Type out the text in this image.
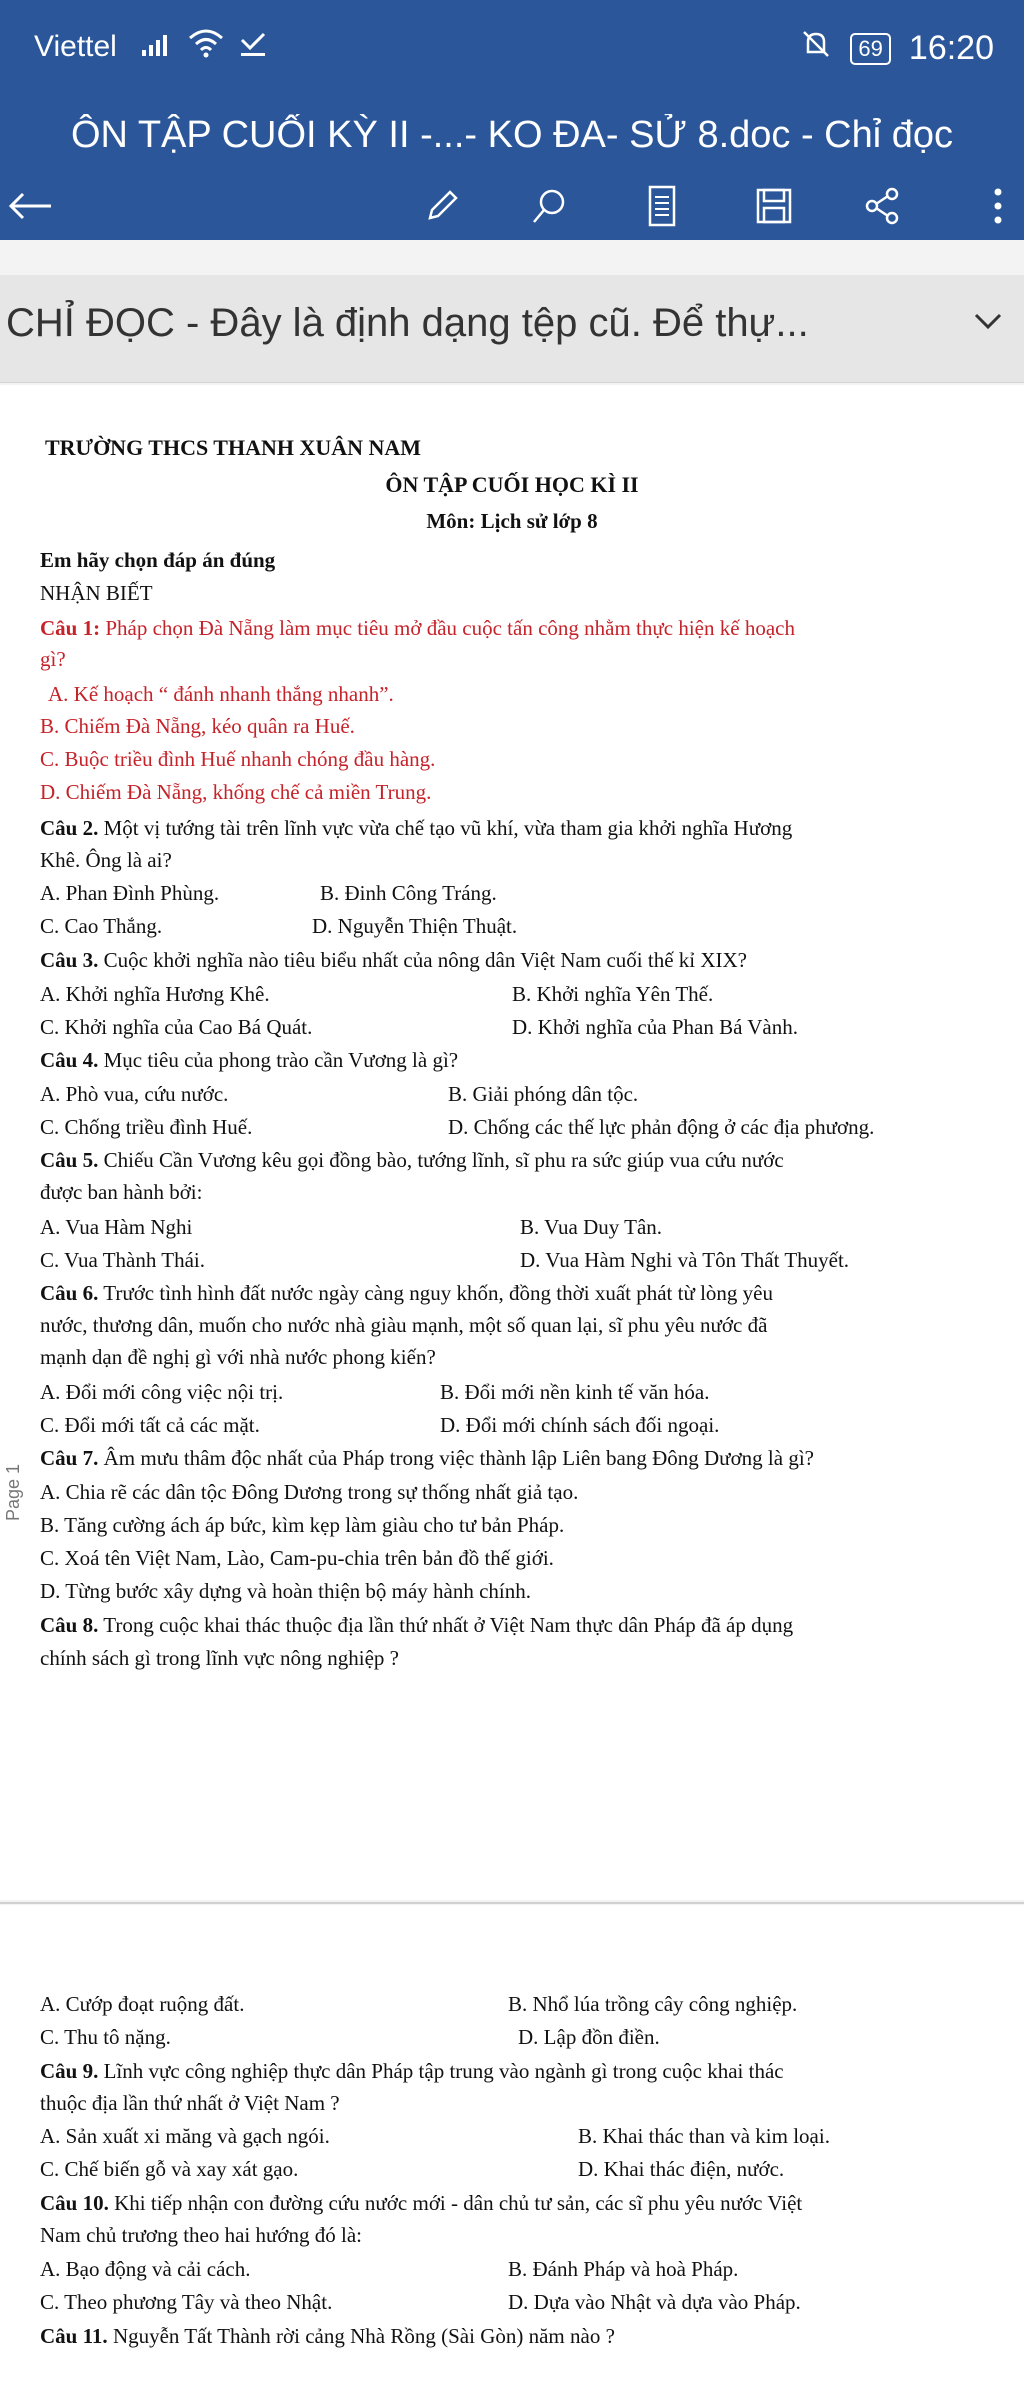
Viettel	69 16:20
ÔN TẬP CUỐI KỲ II -...- KO ĐA- SỬ 8.doc - Chỉ đọc
CHỈ ĐỌC - Đây là định dạng tệp cũ. Để thự...
TRƯỜNG THCS THANH XUÂN NAM
ÔN TẬP CUỐI HỌC KÌ II
Môn: Lịch sử lớp 8
Em hãy chọn đáp án đúng
NHẬN BIẾT
Câu 1: Pháp chọn Đà Nẵng làm mục tiêu mở đầu cuộc tấn công nhằm thực hiện kế hoạch
gì?
A. Kế hoạch “ đánh nhanh thắng nhanh”.
B. Chiếm Đà Nẵng, kéo quân ra Huế.
C. Buộc triều đình Huế nhanh chóng đầu hàng.
D. Chiếm Đà Nẵng, khống chế cả miền Trung.
Câu 2. Một vị tướng tài trên lĩnh vực vừa chế tạo vũ khí, vừa tham gia khởi nghĩa Hương
Khê. Ông là ai?
A. Phan Đình Phùng.	B. Đinh Công Tráng.
C. Cao Thắng.	D. Nguyễn Thiện Thuật.
Câu 3. Cuộc khởi nghĩa nào tiêu biểu nhất của nông dân Việt Nam cuối thế kỉ XIX?
A. Khởi nghĩa Hương Khê.	B. Khởi nghĩa Yên Thế.
C. Khởi nghĩa của Cao Bá Quát.	D. Khởi nghĩa của Phan Bá Vành.
Câu 4. Mục tiêu của phong trào cần Vương là gì?
A. Phò vua, cứu nước.	B. Giải phóng dân tộc.
C. Chống triều đình Huế.	D. Chống các thế lực phản động ở các địa phương.
Câu 5. Chiếu Cần Vương kêu gọi đồng bào, tướng lĩnh, sĩ phu ra sức giúp vua cứu nước
được ban hành bởi:
A. Vua Hàm Nghi	B. Vua Duy Tân.
C. Vua Thành Thái.	D. Vua Hàm Nghi và Tôn Thất Thuyết.
Câu 6. Trước tình hình đất nước ngày càng nguy khốn, đồng thời xuất phát từ lòng yêu
nước, thương dân, muốn cho nước nhà giàu mạnh, một số quan lại, sĩ phu yêu nước đã
mạnh dạn đề nghị gì với nhà nước phong kiến?
A. Đổi mới công việc nội trị.	B. Đổi mới nền kinh tế văn hóa.
C. Đổi mới tất cả các mặt.	D. Đổi mới chính sách đối ngoại.
Câu 7. Âm mưu thâm độc nhất của Pháp trong việc thành lập Liên bang Đông Dương là gì?
A. Chia rẽ các dân tộc Đông Dương trong sự thống nhất giả tạo.
B. Tăng cường ách áp bức, kìm kẹp làm giàu cho tư bản Pháp.
C. Xoá tên Việt Nam, Lào, Cam-pu-chia trên bản đồ thế giới.
D. Từng bước xây dựng và hoàn thiện bộ máy hành chính.
Câu 8. Trong cuộc khai thác thuộc địa lần thứ nhất ở Việt Nam thực dân Pháp đã áp dụng
chính sách gì trong lĩnh vực nông nghiệp ?
Page 1
A. Cướp đoạt ruộng đất.	B. Nhổ lúa trồng cây công nghiệp.
C. Thu tô nặng.	D. Lập đồn điền.
Câu 9. Lĩnh vực công nghiệp thực dân Pháp tập trung vào ngành gì trong cuộc khai thác
thuộc địa lần thứ nhất ở Việt Nam ?
A. Sản xuất xi măng và gạch ngói.	B. Khai thác than và kim loại.
C. Chế biến gỗ và xay xát gạo.	D. Khai thác điện, nước.
Câu 10. Khi tiếp nhận con đường cứu nước mới - dân chủ tư sản, các sĩ phu yêu nước Việt
Nam chủ trương theo hai hướng đó là:
A. Bạo động và cải cách.	B. Đánh Pháp và hoà Pháp.
C. Theo phương Tây và theo Nhật.	D. Dựa vào Nhật và dựa vào Pháp.
Câu 11. Nguyễn Tất Thành rời cảng Nhà Rồng (Sài Gòn) năm nào ?
